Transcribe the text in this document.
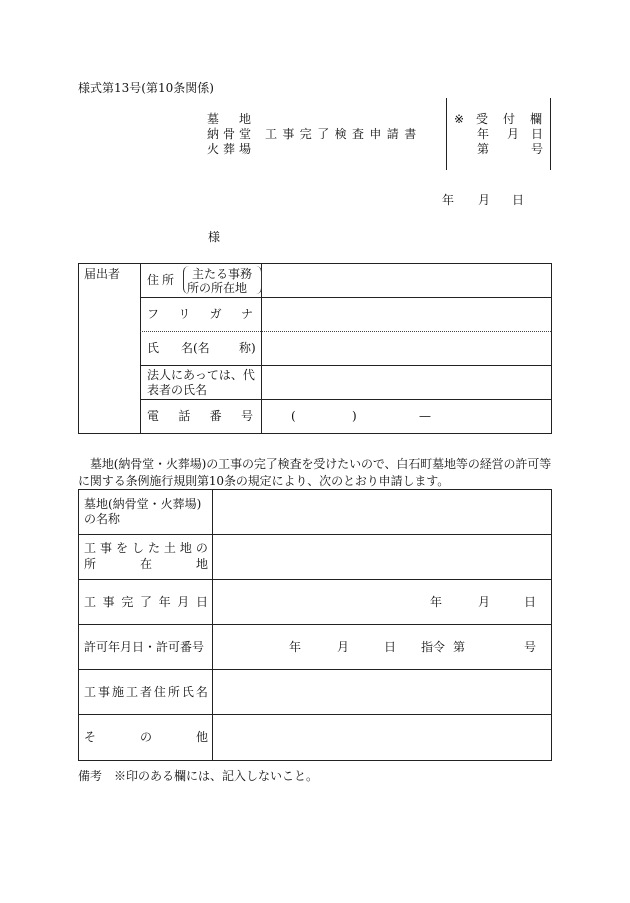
様式第13号(第10条関係)
墓 地
納 骨 堂
火 葬 場
工事完了検査申請書
※ 受 付 欄
年 月 日
第	号
年 月 日
様
届出者 住 所 主たる事務
所の所在地
フ リ ガ ナ
氏 名(名 称)
法人にあっては、代
表者の氏名
電 話 番 号	(	)	—
墓地(納骨堂・火葬場)の工事の完了検査を受けたいので、白石町墓地等の経営の許可等に関する条例施行規則第10条の規定により、次のとおり申請します。
墓地(納骨堂・火葬場)の名称
工 事 を し た 土 地 の
所	在	地
工 事 完 了 年 月 日	年	月	日
許可年月日・許可番号	年	月	日 指令 第	号
工 事 施 工 者 住 所 氏 名
そ	の	他
備考　※印のある欄には、記入しないこと。
